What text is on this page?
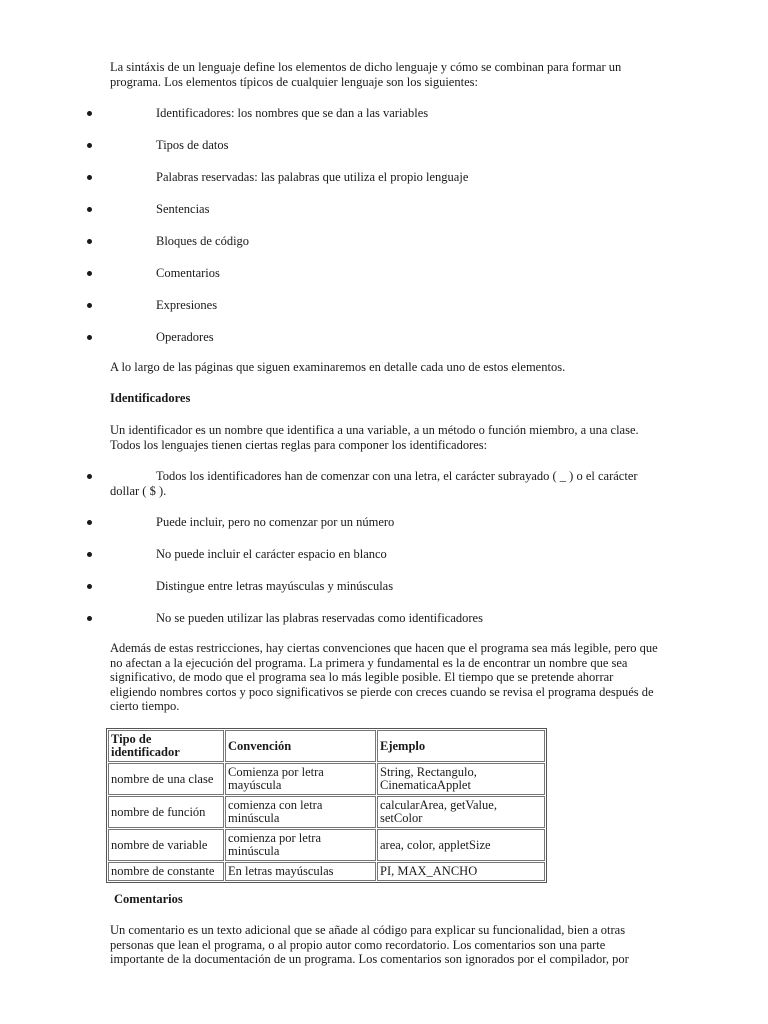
La sintáxis de un lenguaje define los elementos de dicho lenguaje y cómo se combinan para formar un programa. Los elementos típicos de cualquier lenguaje son los siguientes:

Identificadores: los nombres que se dan a las variables
Tipos de datos
Palabras reservadas: las palabras que utiliza el propio lenguaje
Sentencias
Bloques de código
Comentarios
Expresiones
Operadores

A lo largo de las páginas que siguen examinaremos en detalle cada uno de estos elementos.

Identificadores

Un identificador es un nombre que identifica a una variable, a un método o función miembro, a una clase. Todos los lenguajes tienen ciertas reglas para componer los identificadores:

Todos los identificadores han de comenzar con una letra, el carácter subrayado ( _ ) o el carácter dollar ( $ ).
Puede incluir, pero no comenzar por un número
No puede incluir el carácter espacio en blanco
Distingue entre letras mayúsculas y minúsculas
No se pueden utilizar las plabras reservadas como identificadores

Además de estas restricciones, hay ciertas convenciones que hacen que el programa sea más legible, pero que no afectan a la ejecución del programa. La primera y fundamental es la de encontrar un nombre que sea significativo, de modo que el programa sea lo más legible posible. El tiempo que se pretende ahorrar eligiendo nombres cortos y poco significativos se pierde con creces cuando se revisa el programa después de cierto tiempo.

Tipo de identificador	Convención	Ejemplo
nombre de una clase	Comienza por letra mayúscula	String, Rectangulo, CinematicaApplet
nombre de función	comienza con letra minúscula	calcularArea, getValue, setColor
nombre de variable	comienza por letra minúscula	area, color, appletSize
nombre de constante	En letras mayúsculas	PI, MAX_ANCHO

Comentarios

Un comentario es un texto adicional que se añade al código para explicar su funcionalidad, bien a otras personas que lean el programa, o al propio autor como recordatorio. Los comentarios son una parte importante de la documentación de un programa. Los comentarios son ignorados por el compilador, por
